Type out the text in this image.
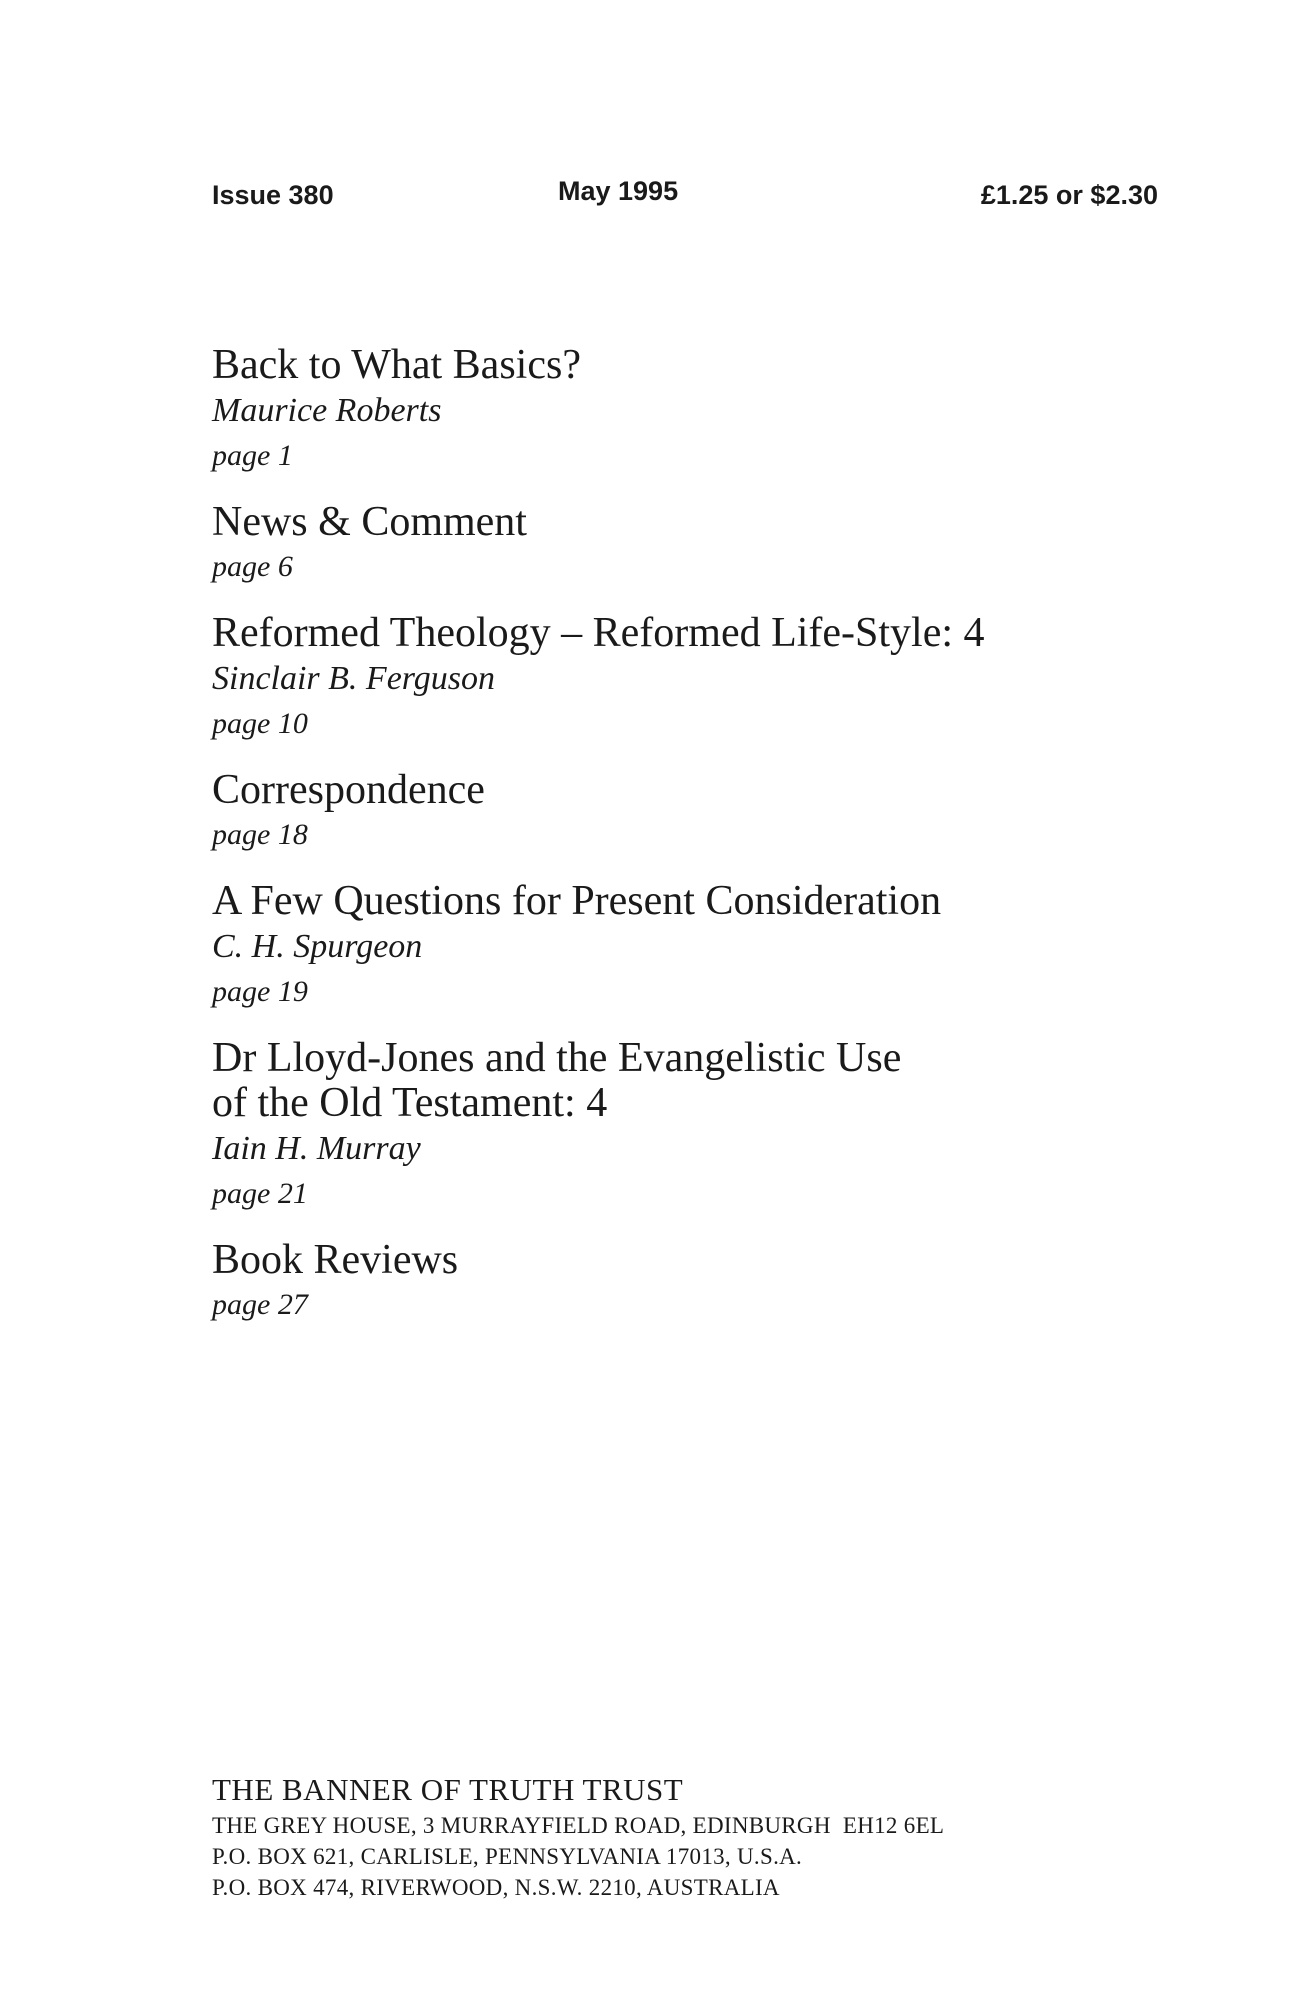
Issue 380	May 1995	£1.25 or $2.30
Back to What Basics?
Maurice Roberts
page 1
News & Comment
page 6
Reformed Theology – Reformed Life-Style: 4
Sinclair B. Ferguson
page 10
Correspondence
page 18
A Few Questions for Present Consideration
C. H. Spurgeon
page 19
Dr Lloyd-Jones and the Evangelistic Use
of the Old Testament: 4
Iain H. Murray
page 21
Book Reviews
page 27
THE BANNER OF TRUTH TRUST
THE GREY HOUSE, 3 MURRAYFIELD ROAD, EDINBURGH  EH12 6EL
P.O. BOX 621, CARLISLE, PENNSYLVANIA 17013, U.S.A.
P.O. BOX 474, RIVERWOOD, N.S.W. 2210, AUSTRALIA
